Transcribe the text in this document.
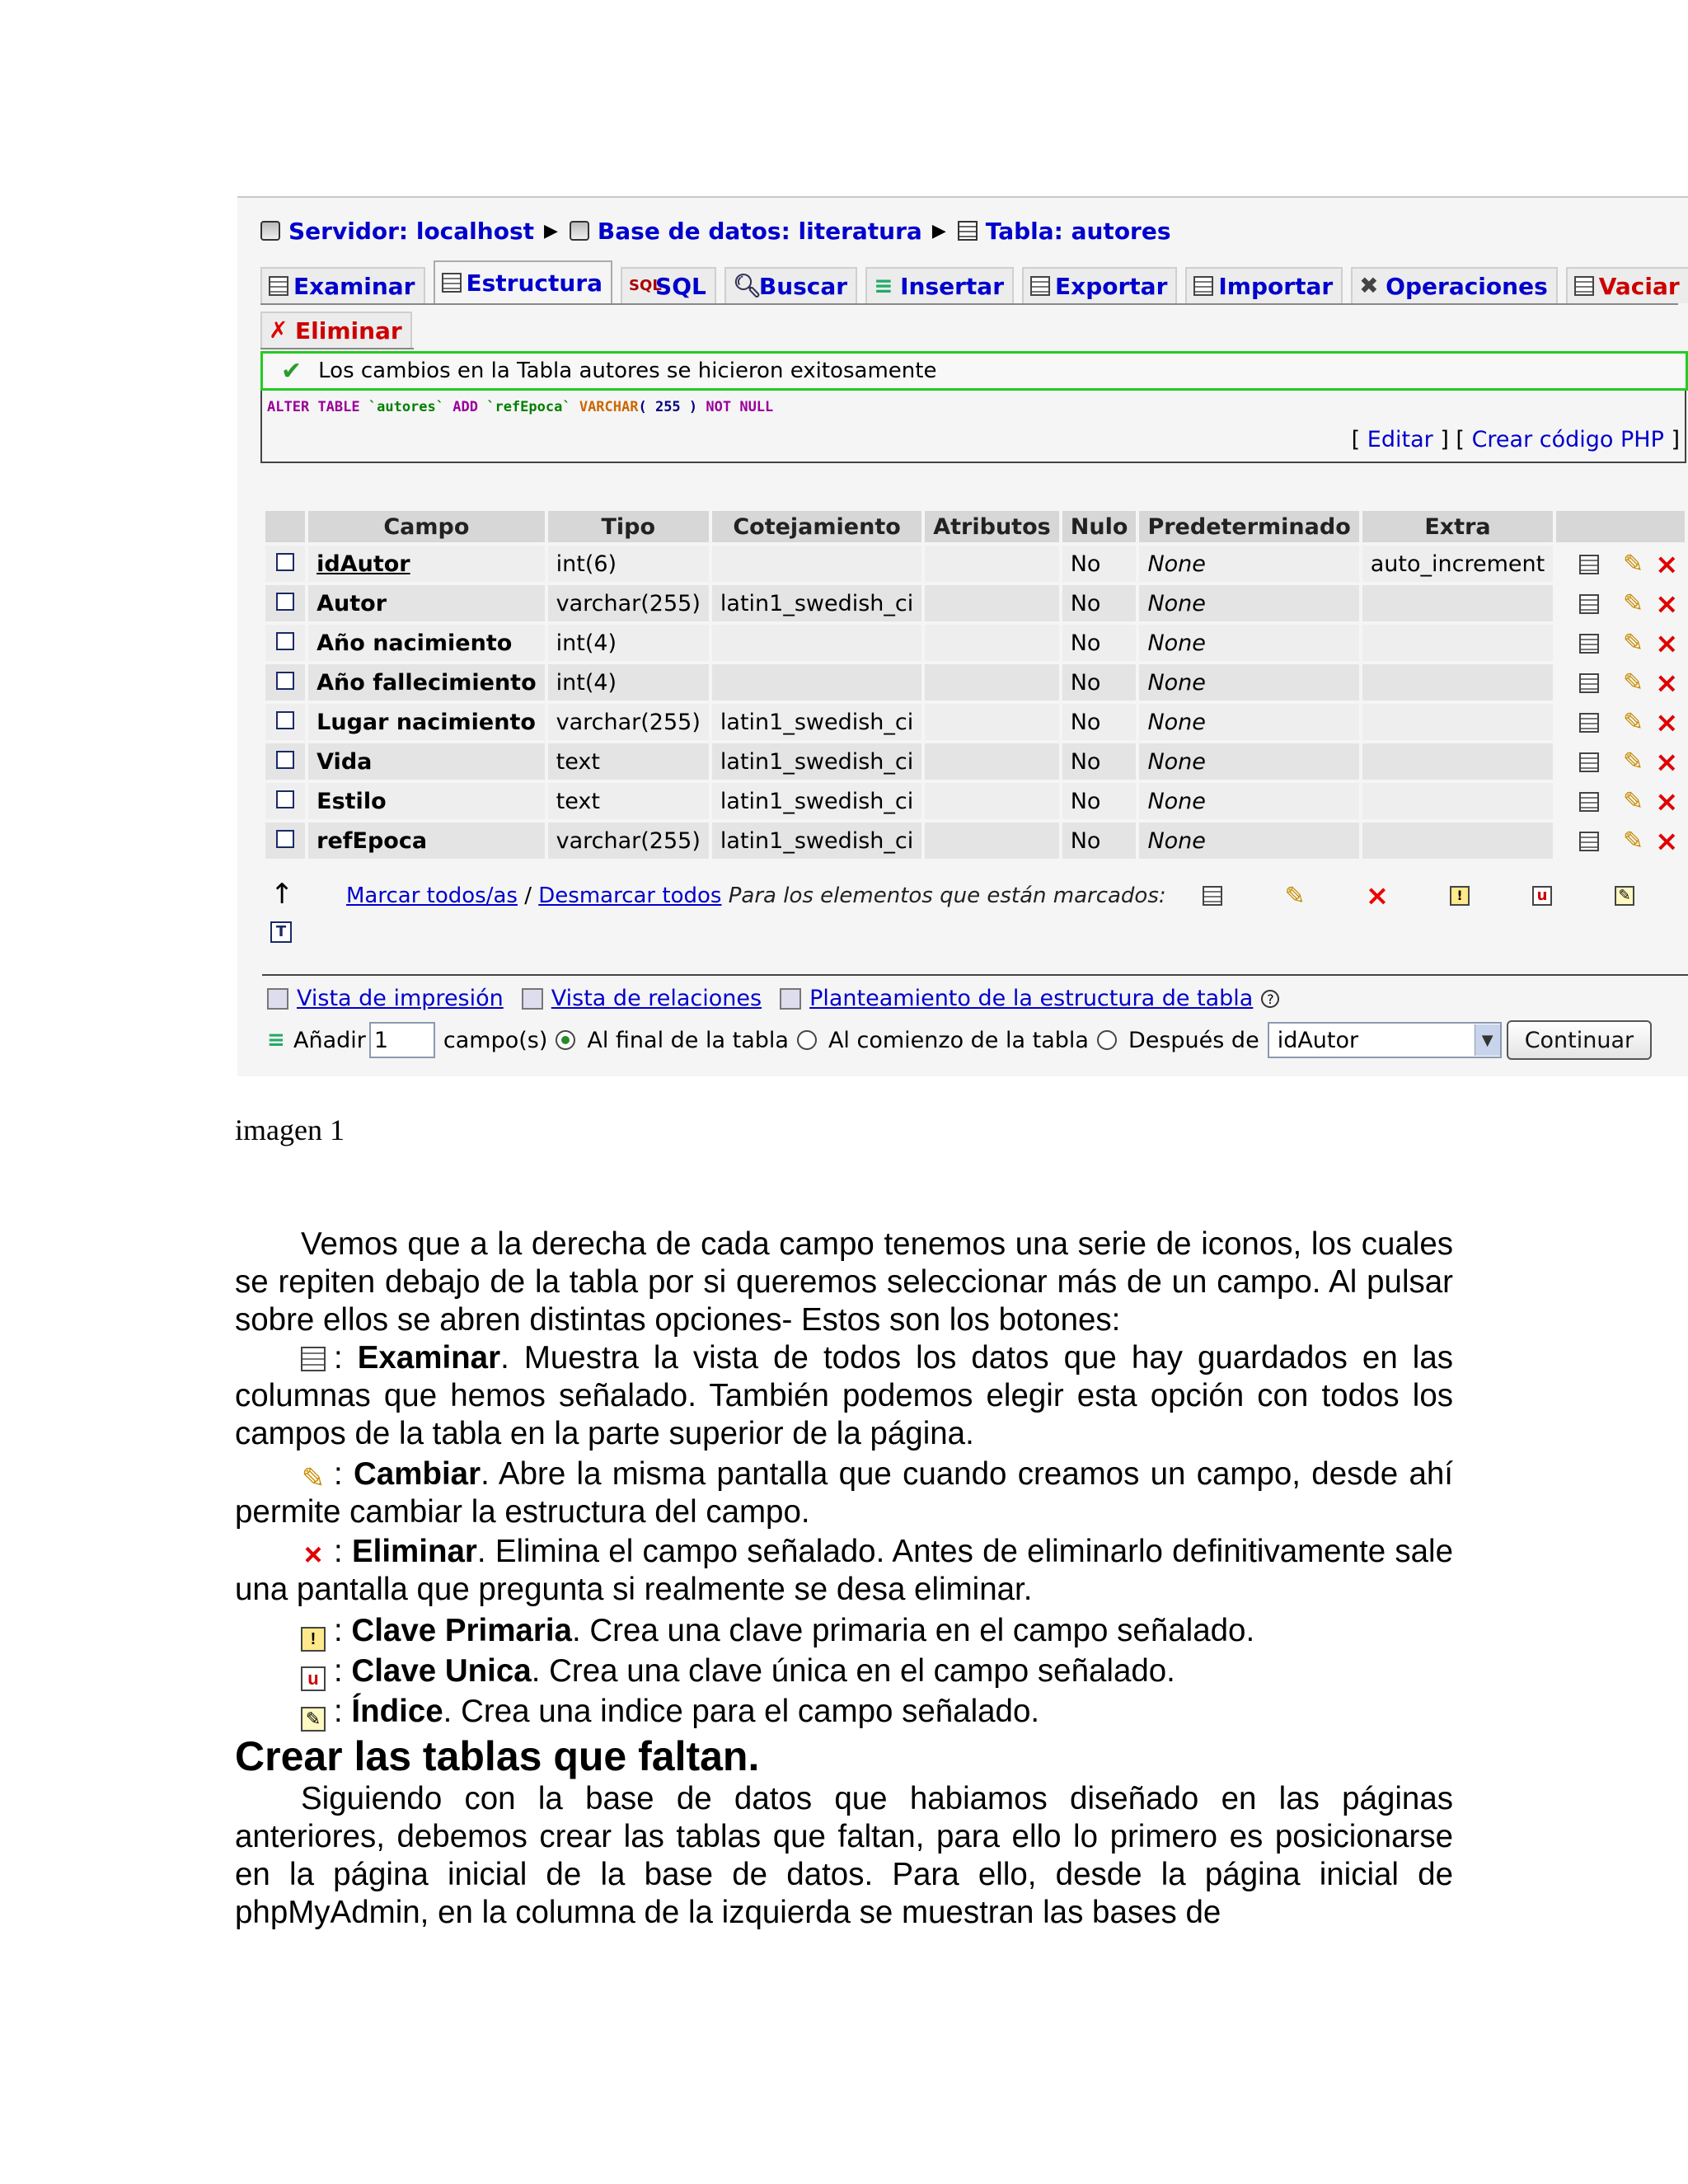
Servidor: localhost ▶ Base de datos: literatura ▶ Tabla: autores
Examinar Estructura SQL
SQL 🔍︎
Buscar ≡ Insertar Exportar Importar ✖ Operaciones Vaciar
✗ Eliminar
✔ Los cambios en la Tabla autores se hicieron exitosamente
ALTER TABLE `autores` ADD `refEpoca` VARCHAR( 255 ) NOT NULL
[ Editar ] [ Crear código PHP ]
	Campo	Tipo	Cotejamiento	Atributos	Nulo	Predeterminado	Extra	
	idAutor	int(6)			No	None	auto_increment	✎ ×
	Autor	varchar(255)	latin1_swedish_ci		No	None		✎ ×
	Año nacimiento	int(4)			No	None		✎ ×
	Año fallecimiento	int(4)			No	None		✎ ×
	Lugar nacimiento	varchar(255)	latin1_swedish_ci		No	None		✎ ×
	Vida	text	latin1_swedish_ci		No	None		✎ ×
	Estilo	text	latin1_swedish_ci		No	None		✎ ×
	refEpoca	varchar(255)	latin1_swedish_ci		No	None		✎ ×
↑ Marcar todos/as / Desmarcar todos Para los elementos que están marcados:	✎ ×	!	u	✎
T
Vista de impresión Vista de relaciones Planteamiento de la estructura de tabla	?
≡ Añadir
1	campo(s) Al final de la tabla Al comienzo de la tabla Después de idAutor	▼	Continuar
imagen 1
Vemos que a la derecha de cada campo tenemos una serie de iconos, los cuales se repiten debajo de la tabla por si queremos seleccionar más de un campo. Al pulsar sobre ellos se abren distintas opciones- Estos son los botones:
: Examinar. Muestra la vista de todos los datos que hay guardados en las columnas que hemos señalado. También podemos elegir esta opción con todos los campos de la tabla en la parte superior de la página.
✎ : Cambiar. Abre la misma pantalla que cuando creamos un campo, desde ahí permite cambiar la estructura del campo.
× : Eliminar. Elimina el campo señalado. Antes de eliminarlo definitivamente sale una pantalla que pregunta si realmente se desa eliminar.
! : Clave Primaria. Crea una clave primaria en el campo señalado.
u : Clave Unica. Crea una clave única en el campo señalado.
✎ : Índice. Crea una indice para el campo señalado.
Crear las tablas que faltan.
Siguiendo con la base de datos que habiamos diseñado en las páginas anteriores, debemos crear las tablas que faltan, para ello lo primero es posicionarse en la página inicial de la base de datos. Para ello, desde la página inicial de phpMyAdmin, en la columna de la izquierda se muestran las bases de
